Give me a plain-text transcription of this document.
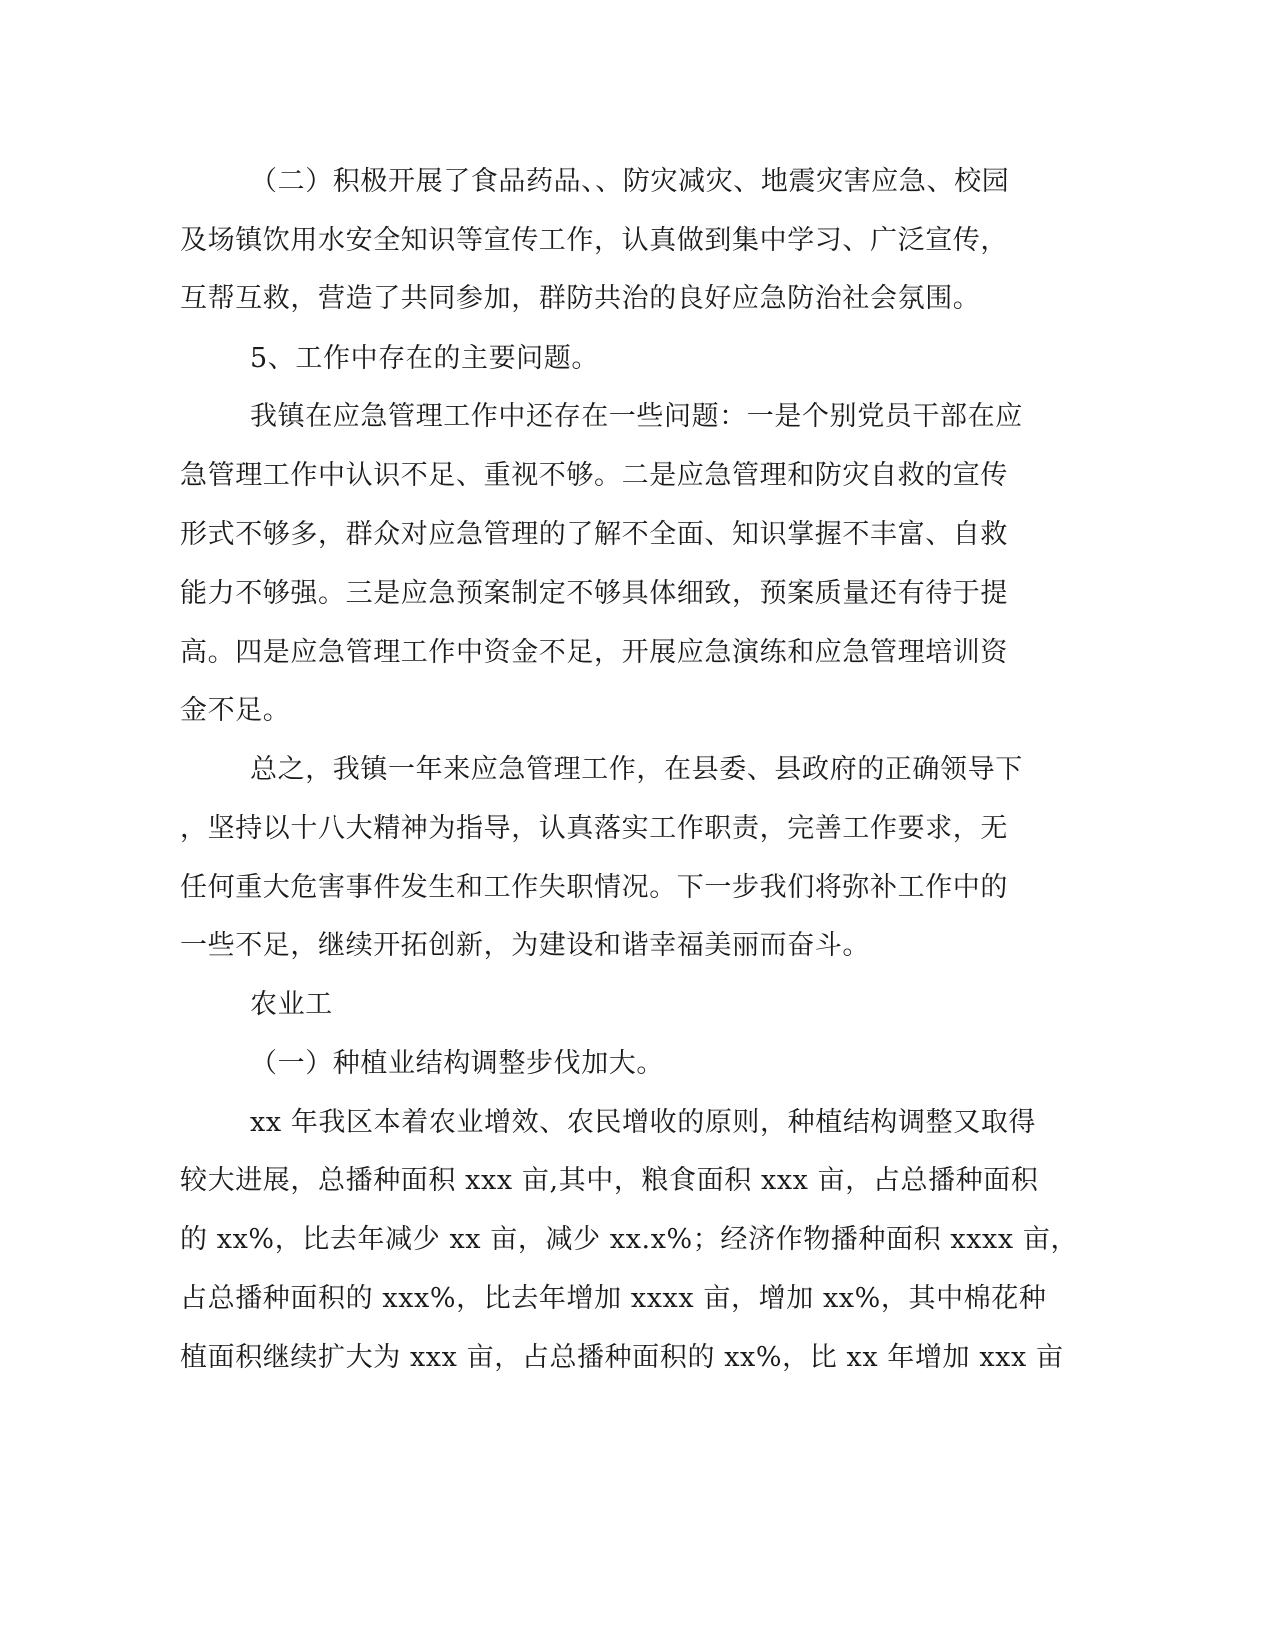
（二）积极开展了食品药品、、防灾减灾、地震灾害应急、校园
及场镇饮用水安全知识等宣传工作，认真做到集中学习、广泛宣传，
互帮互救，营造了共同参加，群防共治的良好应急防治社会氛围。
5、工作中存在的主要问题。
我镇在应急管理工作中还存在一些问题：一是个别党员干部在应
急管理工作中认识不足、重视不够。二是应急管理和防灾自救的宣传
形式不够多，群众对应急管理的了解不全面、知识掌握不丰富、自救
能力不够强。三是应急预案制定不够具体细致，预案质量还有待于提
高。四是应急管理工作中资金不足，开展应急演练和应急管理培训资
金不足。
总之，我镇一年来应急管理工作，在县委、县政府的正确领导下
，坚持以十八大精神为指导，认真落实工作职责，完善工作要求，无
任何重大危害事件发生和工作失职情况。下一步我们将弥补工作中的
一些不足，继续开拓创新，为建设和谐幸福美丽而奋斗。
农业工
（一）种植业结构调整步伐加大。
xx 年我区本着农业增效、农民增收的原则，种植结构调整又取得
较大进展，总播种面积 xxx 亩,其中，粮食面积 xxx 亩，占总播种面积
的 xx%，比去年减少 xx 亩，减少 xx.x%；经济作物播种面积 xxxx 亩，
占总播种面积的 xxx%，比去年增加 xxxx 亩，增加 xx%，其中棉花种
植面积继续扩大为 xxx 亩，占总播种面积的 xx%，比 xx 年增加 xxx 亩
